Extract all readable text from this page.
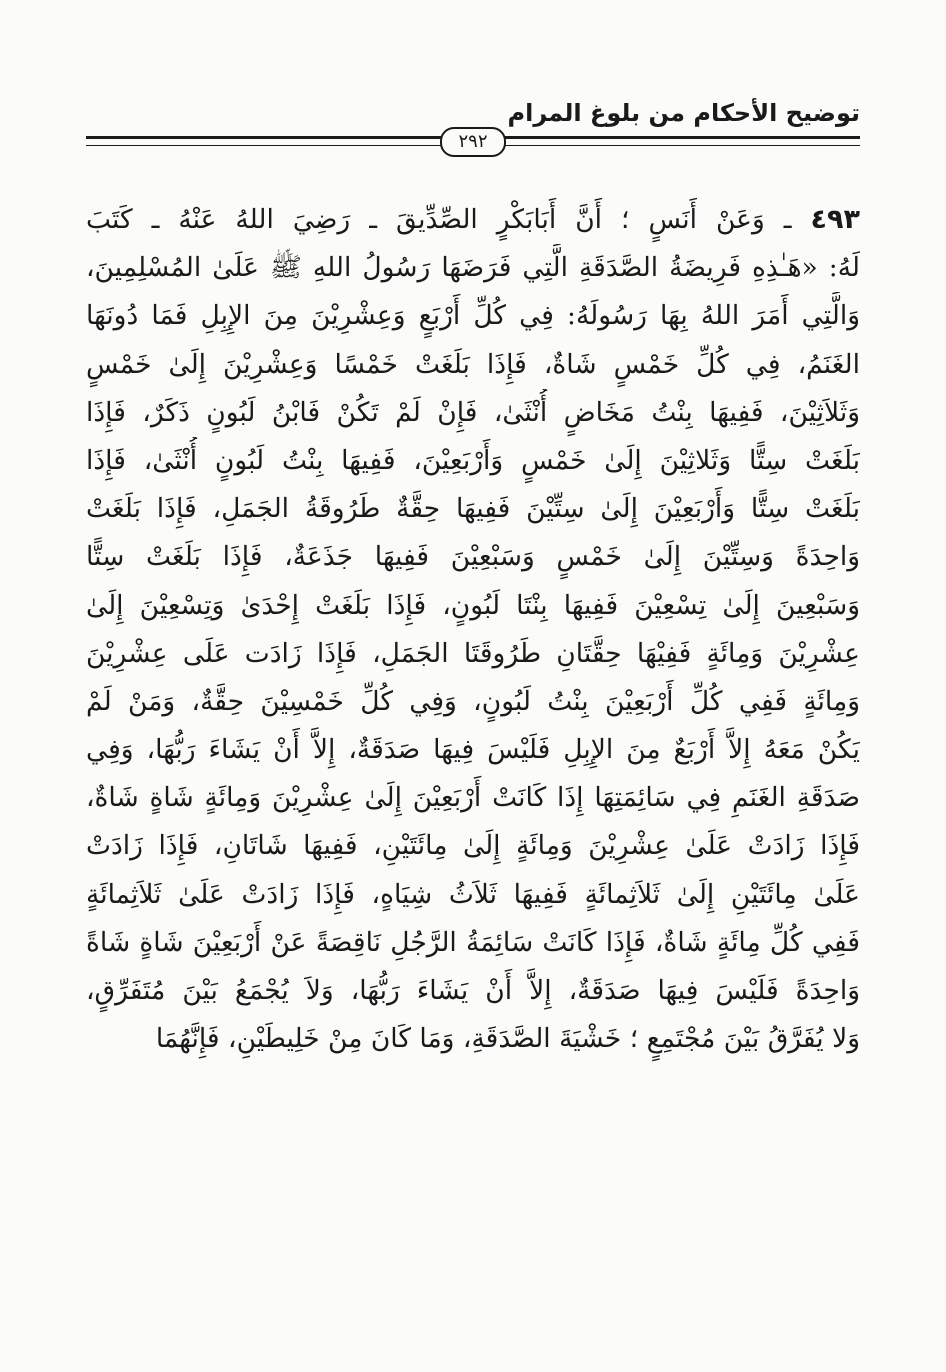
توضيح الأحكام من بلوغ المرام
٢٩٢
٤٩٣ ـ وَعَنْ أَنَسٍ ؛ أَنَّ أَبَابَكْرٍ الصِّدِّيقَ ـ رَضِيَ اللهُ عَنْهُ ـ كَتَبَ
لَهُ: «هَـٰذِهِ فَرِيضَةُ الصَّدَقَةِ الَّتِي فَرَضَهَا رَسُولُ اللهِ ﷺ عَلَىٰ المُسْلِمِينَ،
وَالَّتِي أَمَرَ اللهُ بِهَا رَسُولَهُ: فِي كُلِّ أَرْبَعٍ وَعِشْرِيْنَ مِنَ الإِبِلِ فَمَا دُونَهَا
الغَنَمُ، فِي كُلِّ خَمْسٍ شَاةٌ، فَإِذَا بَلَغَتْ خَمْسًا وَعِشْرِيْنَ إِلَىٰ خَمْسٍ
وَثَلاَثِيْنَ، فَفِيهَا بِنْتُ مَخَاضٍ أُنْثَىٰ، فَإِنْ لَمْ تَكُنْ فَابْنُ لَبُونٍ ذَكَرٌ، فَإِذَا
بَلَغَتْ سِتًّا وَثَلاثِيْنَ إِلَىٰ خَمْسٍ وَأَرْبَعِيْنَ، فَفِيهَا بِنْتُ لَبُونٍ أُنْثَىٰ، فَإِذَا
بَلَغَتْ سِتًّا وَأَرْبَعِيْنَ إِلَىٰ سِتِّيْنَ فَفِيهَا حِقَّةٌ طَرُوقَةُ الجَمَلِ، فَإِذَا بَلَغَتْ
وَاحِدَةً وَسِتِّيْنَ إِلَىٰ خَمْسٍ وَسَبْعِيْنَ فَفِيهَا جَذَعَةٌ، فَإِذَا بَلَغَتْ سِتًّا
وَسَبْعِينَ إِلَىٰ تِسْعِيْنَ فَفِيهَا بِنْتَا لَبُونٍ، فَإِذَا بَلَغَتْ إِحْدَىٰ وَتِسْعِيْنَ إِلَىٰ
عِشْرِيْنَ وَمِائَةٍ فَفِيْهَا حِقَّتَانِ طَرُوقَتَا الجَمَلِ، فَإِذَا زَادَت عَلَى عِشْرِيْنَ
وَمِائَةٍ فَفِي كُلِّ أَرْبَعِيْنَ بِنْتُ لَبُونٍ، وَفِي كُلِّ خَمْسِيْنَ حِقَّةٌ، وَمَنْ لَمْ
يَكُنْ مَعَهُ إِلاَّ أَرْبَعٌ مِنَ الإِبِلِ فَلَيْسَ فِيهَا صَدَقَةٌ، إِلاَّ أَنْ يَشَاءَ رَبُّهَا، وَفِي
صَدَقَةِ الغَنَمِ فِي سَائِمَتِهَا إِذَا كَانَتْ أَرْبَعِيْنَ إِلَىٰ عِشْرِيْنَ وَمِائَةٍ شَاةٍ شَاةٌ،
فَإِذَا زَادَتْ عَلَىٰ عِشْرِيْنَ وَمِائَةٍ إِلَىٰ مِائَتَيْنِ، فَفِيهَا شَاتَانِ، فَإِذَا زَادَتْ
عَلَىٰ مِائَتَيْنِ إِلَىٰ ثَلاَثِمائَةٍ فَفِيهَا ثَلاَثُ شِيَاهٍ، فَإِذَا زَادَتْ عَلَىٰ ثَلاَثِمائَةٍ
فَفِي كُلِّ مِائَةٍ شَاةٌ، فَإِذَا كَانَتْ سَائِمَةُ الرَّجُلِ نَاقِصَةً عَنْ أَرْبَعِيْنَ شَاةٍ شَاةً
وَاحِدَةً فَلَيْسَ فِيهَا صَدَقَةٌ، إِلاَّ أَنْ يَشَاءَ رَبُّهَا، وَلاَ يُجْمَعُ بَيْنَ مُتَفَرِّقٍ،
وَلا يُفَرَّقُ بَيْنَ مُجْتَمِعٍ ؛ خَشْيَةَ الصَّدَقَةِ، وَمَا كَانَ مِنْ خَلِيطَيْنِ، فَإِنَّهُمَا
